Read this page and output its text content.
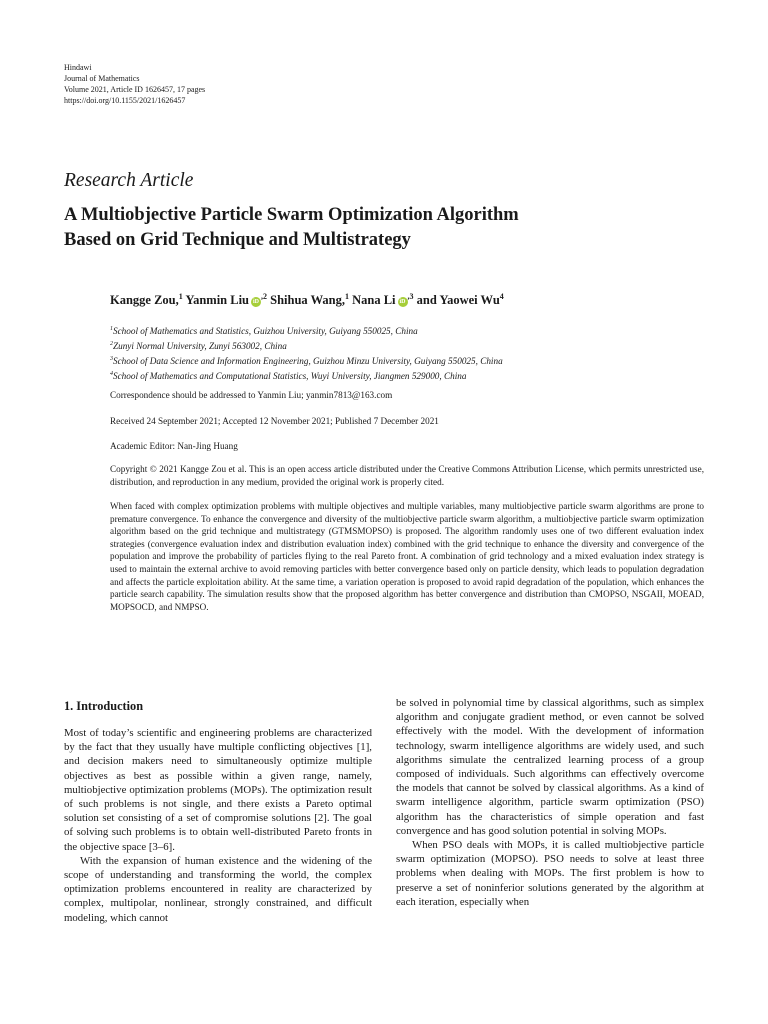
Hindawi
Journal of Mathematics
Volume 2021, Article ID 1626457, 17 pages
https://doi.org/10.1155/2021/1626457
Research Article
A Multiobjective Particle Swarm Optimization Algorithm
Based on Grid Technique and Multistrategy
Kangge Zou,$^1$ Yanmin Liu $iD^{,2}$ Shihua Wang,$^1$ Nana Li $iD^{,3}$ and Yaowei Wu$^4$
$^1$School of Mathematics and Statistics, Guizhou University, Guiyang 550025, China
$^2$Zunyi Normal University, Zunyi 563002, China
$^3$School of Data Science and Information Engineering, Guizhou Minzu University, Guiyang 550025, China
$^4$School of Mathematics and Computational Statistics, Wuyi University, Jiangmen 529000, China
Correspondence should be addressed to Yanmin Liu; yanmin7813@163.com
Received 24 September 2021; Accepted 12 November 2021; Published 7 December 2021
Academic Editor: Nan-Jing Huang
Copyright © 2021 Kangge Zou et al. This is an open access article distributed under the Creative Commons Attribution License, which permits unrestricted use, distribution, and reproduction in any medium, provided the original work is properly cited.
When faced with complex optimization problems with multiple objectives and multiple variables, many multiobjective particle swarm algorithms are prone to premature convergence. To enhance the convergence and diversity of the multiobjective particle swarm algorithm, a multiobjective particle swarm optimization algorithm based on the grid technique and multistrategy (GTMSMOPSO) is proposed. The algorithm randomly uses one of two different evaluation index strategies (convergence evaluation index and distribution evaluation index) combined with the grid technique to enhance the diversity and convergence of the population and improve the probability of particles flying to the real Pareto front. A combination of grid technology and a mixed evaluation index strategy is used to maintain the external archive to avoid removing particles with better convergence based only on particle density, which leads to population degradation and affects the particle exploitation ability. At the same time, a variation operation is proposed to avoid rapid degradation of the population, which enhances the particle search capability. The simulation results show that the proposed algorithm has better convergence and distribution than CMOPSO, NSGAII, MOEAD, MOPSOCD, and NMPSO.
1. Introduction

Most of today’s scientific and engineering problems are characterized by the fact that they usually have multiple conflicting objectives [1], and decision makers need to simultaneously optimize multiple objectives as best as possible within a given range, namely, multiobjective optimization problems (MOPs). The optimization result of such problems is not single, and there exists a Pareto optimal solution set consisting of a set of compromise solutions [2]. The goal of solving such problems is to obtain well-distributed Pareto fronts in the objective space [3–6].

With the expansion of human existence and the widening of the scope of understanding and transforming the world, the complex optimization problems encountered in reality are characterized by complex, multipolar, nonlinear, strongly constrained, and difficult modeling, which cannot

be solved in polynomial time by classical algorithms, such as simplex algorithm and conjugate gradient method, or even cannot be solved effectively with the model. With the development of information technology, swarm intelligence algorithms are widely used, and such algorithms simulate the centralized learning process of a group composed of individuals. Such algorithms can effectively overcome the models that cannot be solved by classical algorithms. As a kind of swarm intelligence algorithm, particle swarm optimization (PSO) algorithm has the characteristics of simple operation and fast convergence and has good solution potential in solving MOPs.

When PSO deals with MOPs, it is called multiobjective particle swarm optimization (MOPSO). PSO needs to solve at least three problems when dealing with MOPs. The first problem is how to preserve a set of noninferior solutions generated by the algorithm at each iteration, especially when
